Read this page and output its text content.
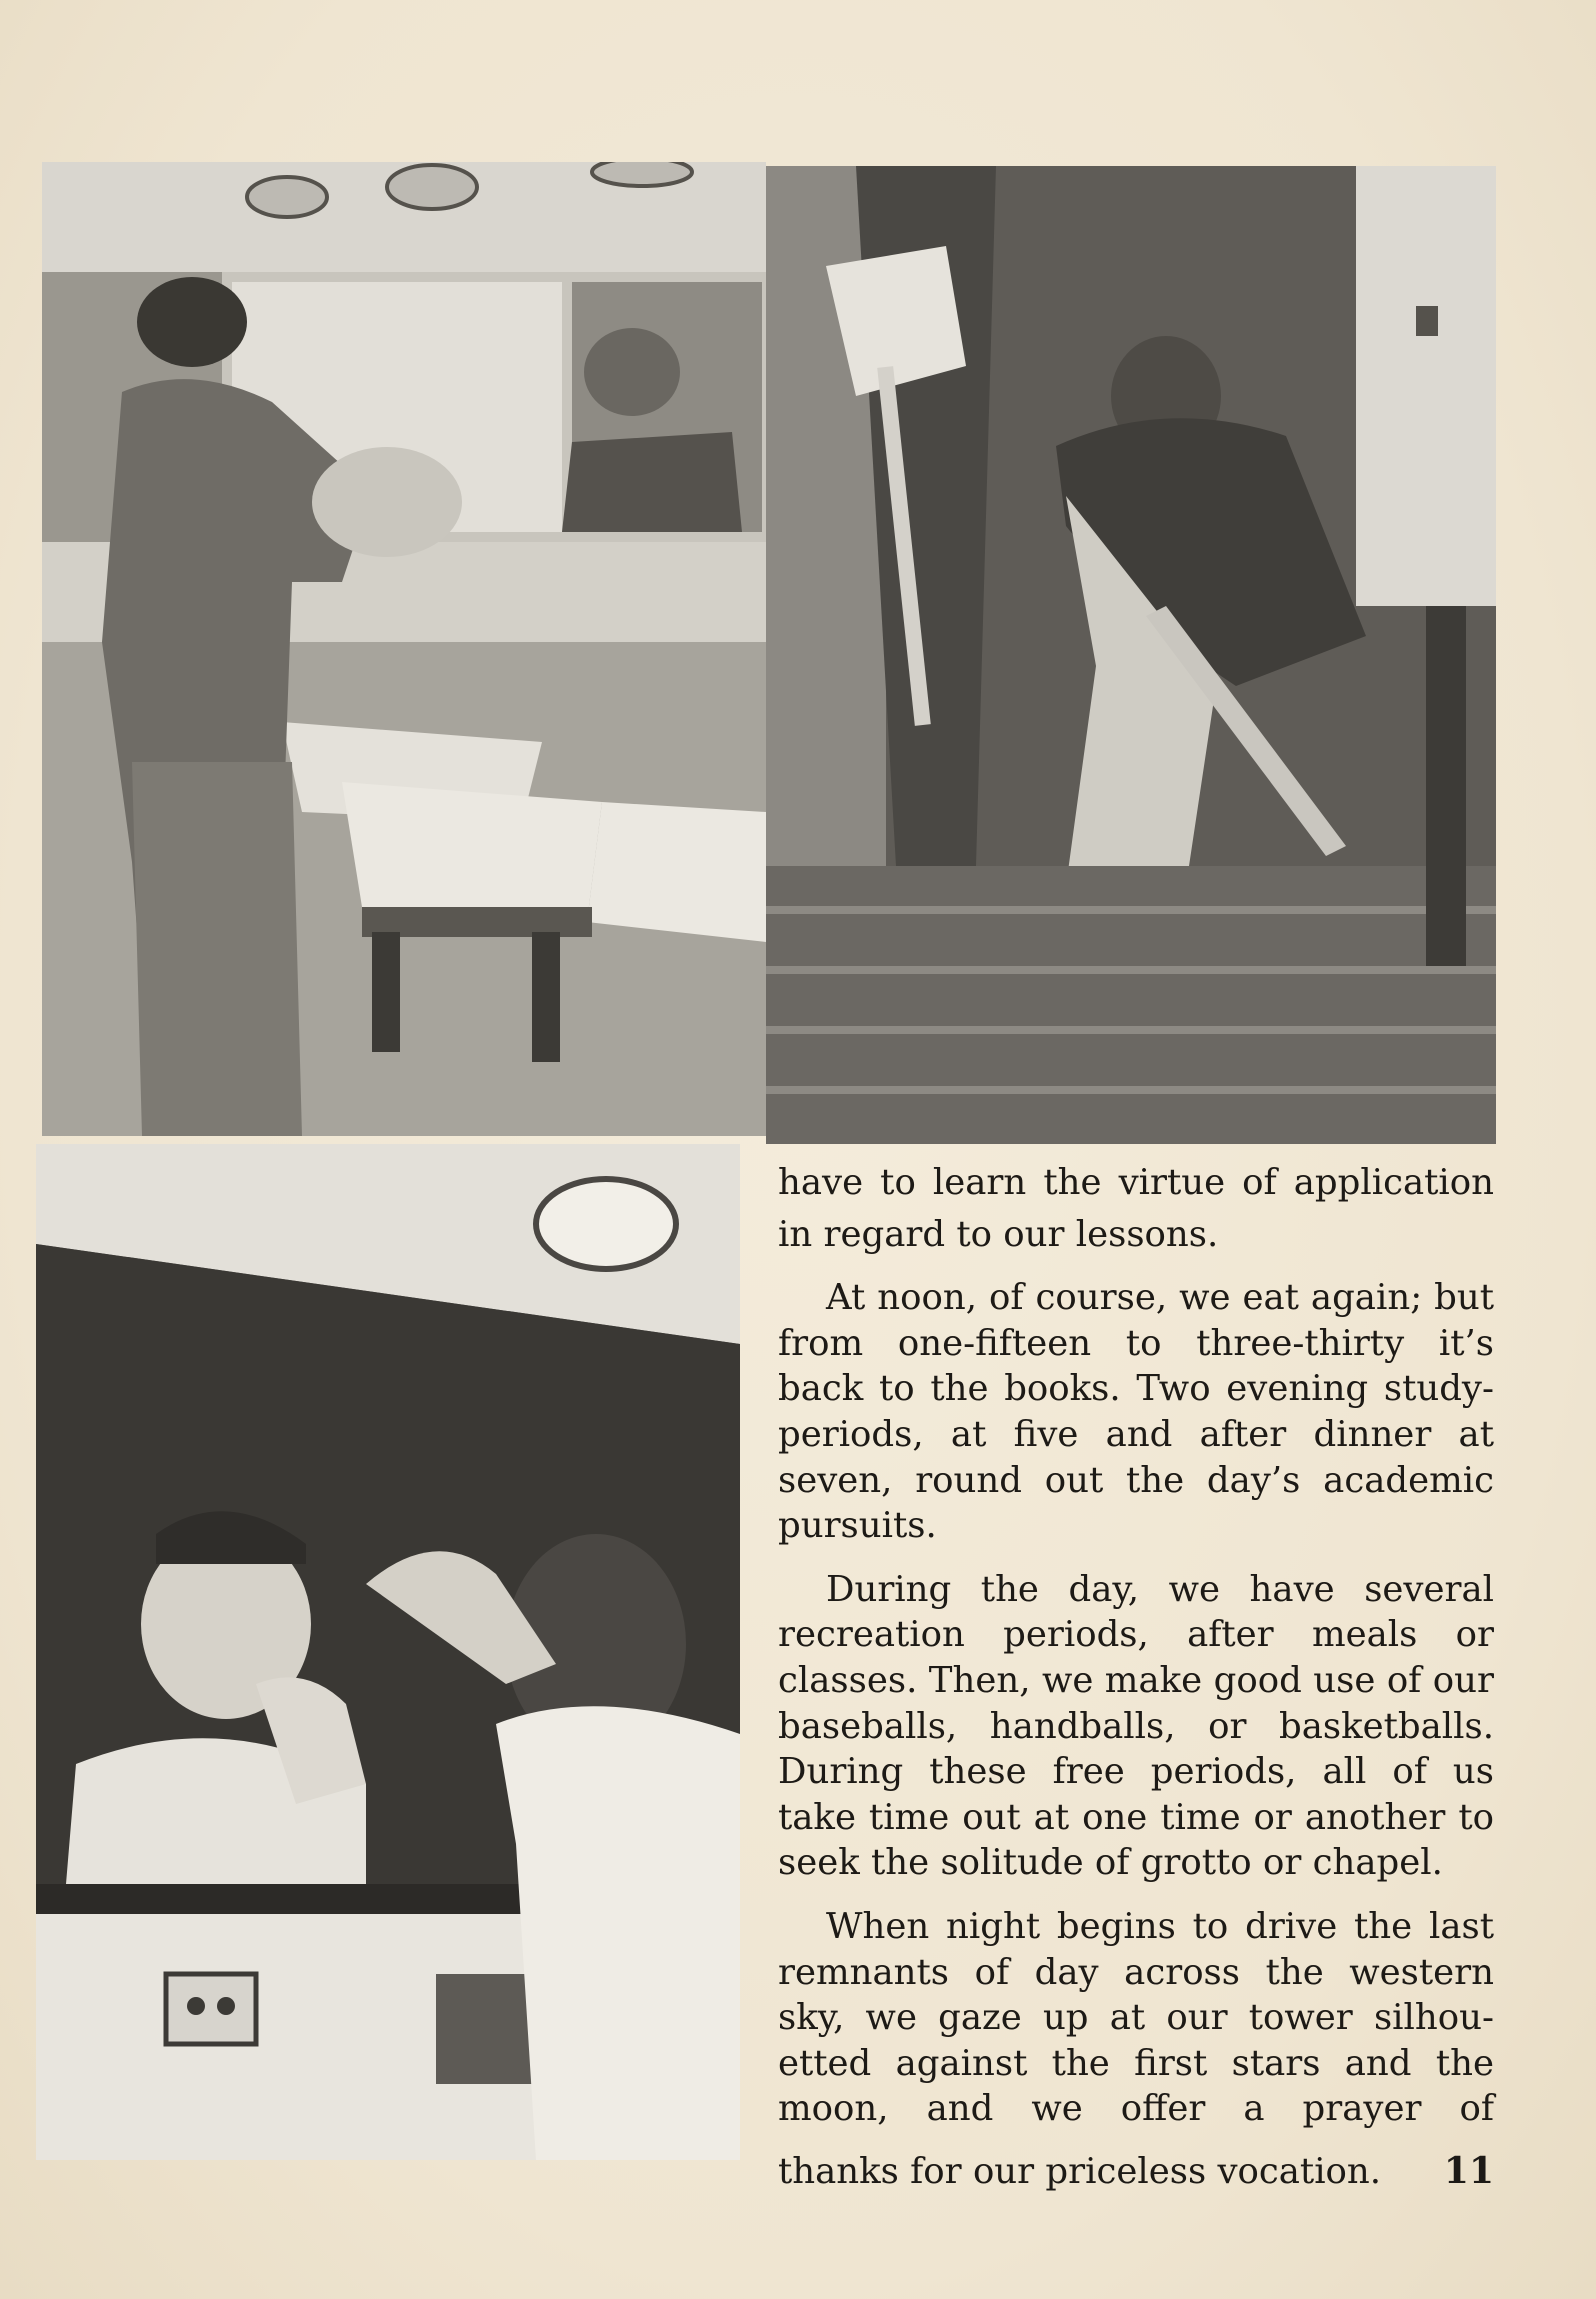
have to learn the virtue of application

in regard to our lessons.

At noon, of course, we eat again; but from one-fifteen to three-thirty it’s back to the books. Two evening study-periods, at five and after dinner at seven, round out the day’s academic pursuits.

During the day, we have several recreation periods, after meals or classes. Then, we make good use of our baseballs, handballs, or basketballs. During these free periods, all of us take time out at one time or another to seek the solitude of grotto or chapel.

When night begins to drive the last remnants of day across the western sky, we gaze up at our tower silhouetted against the first stars and the moon, and we offer a prayer of

thanks for our priceless vocation. 11
